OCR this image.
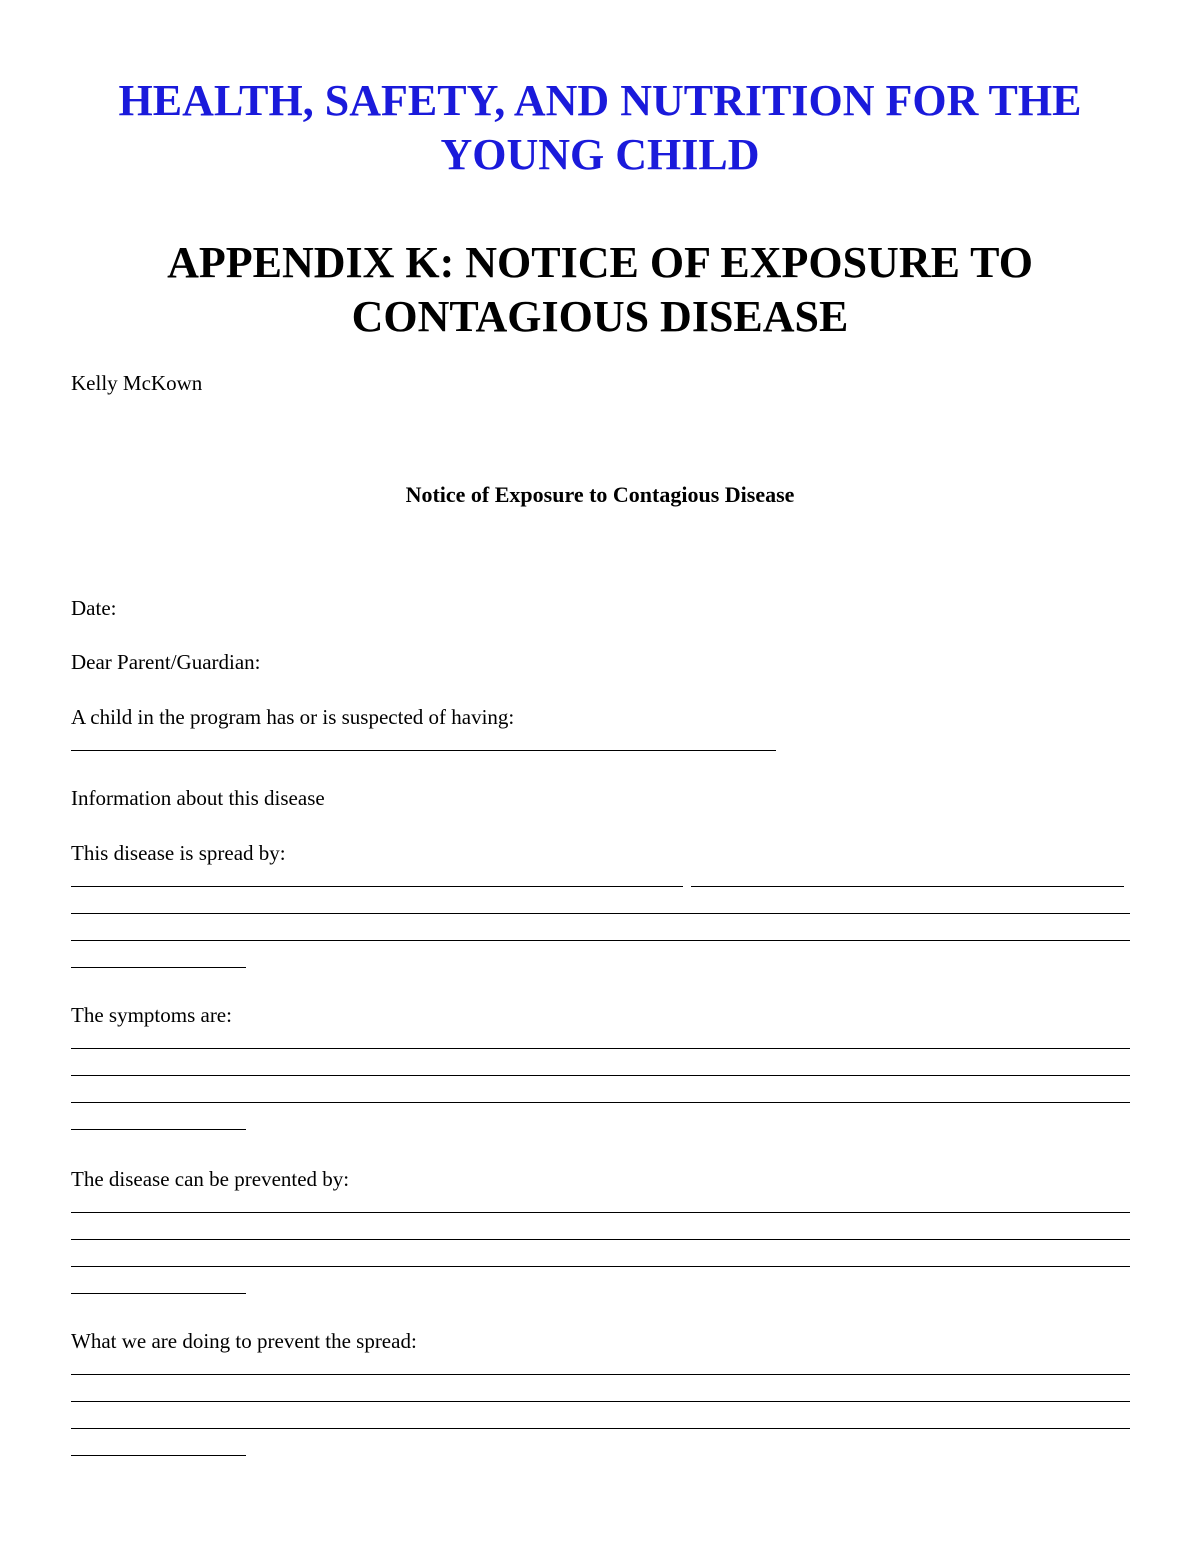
HEALTH, SAFETY, AND NUTRITION FOR THE
YOUNG CHILD
APPENDIX K: NOTICE OF EXPOSURE TO
CONTAGIOUS DISEASE

Kelly McKown

Notice of Exposure to Contagious Disease

Date:

Dear Parent/Guardian:

A child in the program has or is suspected of having:

Information about this disease

This disease is spread by:

The symptoms are:

The disease can be prevented by:

What we are doing to prevent the spread:
